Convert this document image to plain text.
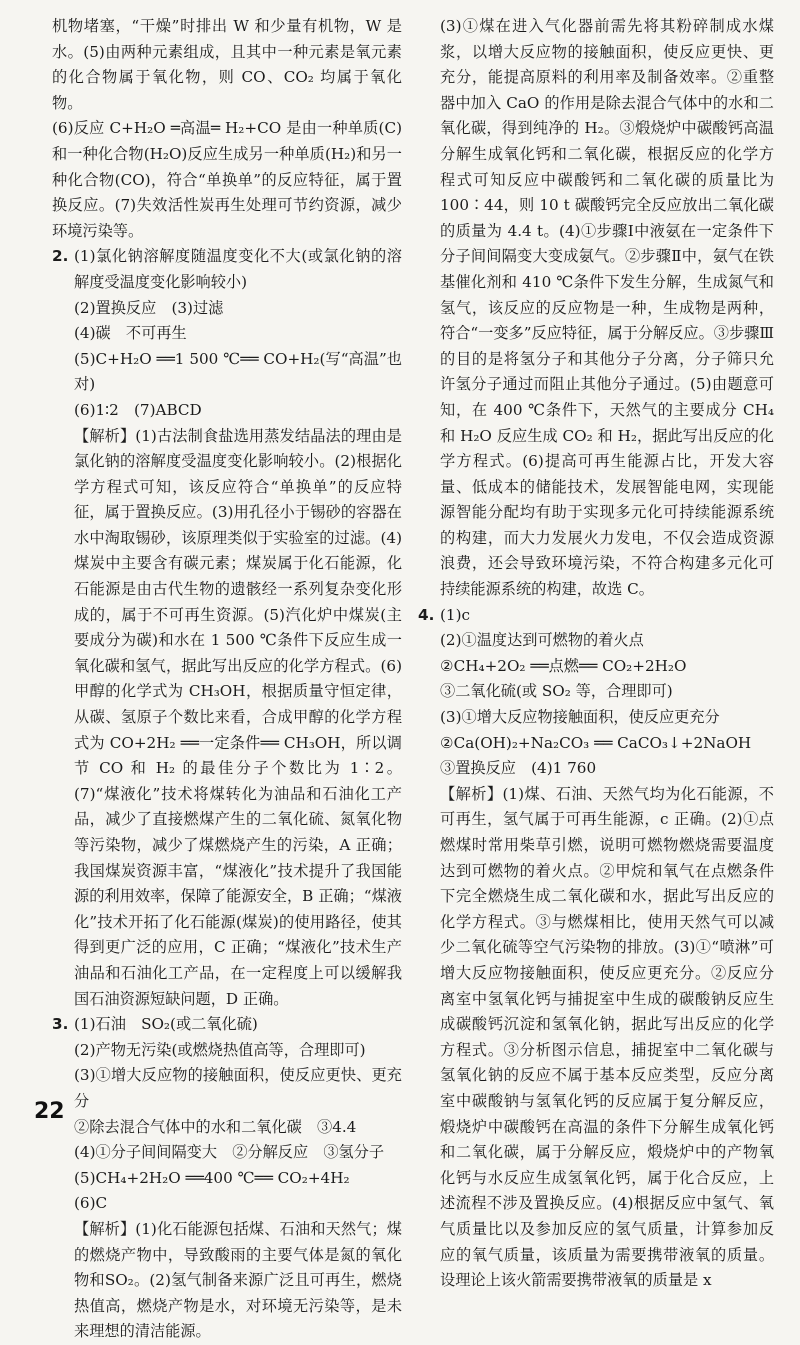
机物堵塞，“干燥”时排出 W 和少量有机物，W 是水。(5)由两种元素组成，且其中一种元素是氧元素的化合物属于氧化物，则 CO、CO₂ 均属于氧化物。

(6)反应 C+H₂O ═高温═ H₂+CO 是由一种单质(C)和一种化合物(H₂O)反应生成另一种单质(H₂)和另一种化合物(CO)，符合“单换单”的反应特征，属于置换反应。(7)失效活性炭再生处理可节约资源，减少环境污染等。

2. (1)氯化钠溶解度随温度变化不大(或氯化钠的溶解度受温度变化影响较小)

(2)置换反应　(3)过滤

(4)碳　不可再生

(5)C+H₂O ══1 500 ℃══ CO+H₂(写“高温”也对)

(6)1∶2　(7)ABCD

【解析】(1)古法制食盐选用蒸发结晶法的理由是氯化钠的溶解度受温度变化影响较小。(2)根据化学方程式可知，该反应符合“单换单”的反应特征，属于置换反应。(3)用孔径小于锡砂的容器在水中淘取锡砂，该原理类似于实验室的过滤。(4)煤炭中主要含有碳元素；煤炭属于化石能源，化石能源是由古代生物的遗骸经一系列复杂变化形成的，属于不可再生资源。(5)汽化炉中煤炭(主要成分为碳)和水在 1 500 ℃条件下反应生成一氧化碳和氢气，据此写出反应的化学方程式。(6)甲醇的化学式为 CH₃OH，根据质量守恒定律，从碳、氢原子个数比来看，合成甲醇的化学方程式为 CO+2H₂ ══一定条件══ CH₃OH，所以调节 CO 和 H₂ 的最佳分子个数比为 1∶2。(7)“煤液化”技术将煤转化为油品和石油化工产品，减少了直接燃煤产生的二氧化硫、氮氧化物等污染物，减少了煤燃烧产生的污染，A 正确；我国煤炭资源丰富，“煤液化”技术提升了我国能源的利用效率，保障了能源安全，B 正确；“煤液化”技术开拓了化石能源(煤炭)的使用路径，使其得到更广泛的应用，C 正确；“煤液化”技术生产油品和石油化工产品，在一定程度上可以缓解我国石油资源短缺问题，D 正确。

3. (1)石油　SO₂(或二氧化硫)

(2)产物无污染(或燃烧热值高等，合理即可)

(3)①增大反应物的接触面积，使反应更快、更充分

②除去混合气体中的水和二氧化碳　③4.4

(4)①分子间间隔变大　②分解反应　③氢分子

(5)CH₄+2H₂O ══400 ℃══ CO₂+4H₂

(6)C

【解析】(1)化石能源包括煤、石油和天然气；煤的燃烧产物中，导致酸雨的主要气体是氮的氧化物和SO₂。(2)氢气制备来源广泛且可再生，燃烧热值高，燃烧产物是水，对环境无污染等，是未来理想的清洁能源。

(3)①煤在进入气化器前需先将其粉碎制成水煤浆，以增大反应物的接触面积，使反应更快、更充分，能提高原料的利用率及制备效率。②重整器中加入 CaO 的作用是除去混合气体中的水和二氧化碳，得到纯净的 H₂。③煅烧炉中碳酸钙高温分解生成氧化钙和二氧化碳，根据反应的化学方程式可知反应中碳酸钙和二氧化碳的质量比为 100∶44，则 10 t 碳酸钙完全反应放出二氧化碳的质量为 4.4 t。(4)①步骤Ⅰ中液氨在一定条件下分子间间隔变大变成氨气。②步骤Ⅱ中，氨气在铁基催化剂和 410 ℃条件下发生分解，生成氮气和氢气，该反应的反应物是一种，生成物是两种，符合“一变多”反应特征，属于分解反应。③步骤Ⅲ的目的是将氢分子和其他分子分离，分子筛只允许氢分子通过而阻止其他分子通过。(5)由题意可知，在 400 ℃条件下，天然气的主要成分 CH₄ 和 H₂O 反应生成 CO₂ 和 H₂，据此写出反应的化学方程式。(6)提高可再生能源占比，开发大容量、低成本的储能技术，发展智能电网，实现能源智能分配均有助于实现多元化可持续能源系统的构建，而大力发展火力发电，不仅会造成资源浪费，还会导致环境污染，不符合构建多元化可持续能源系统的构建，故选 C。

4. (1)c

(2)①温度达到可燃物的着火点

②CH₄+2O₂ ══点燃══ CO₂+2H₂O

③二氧化硫(或 SO₂ 等，合理即可)

(3)①增大反应物接触面积，使反应更充分

②Ca(OH)₂+Na₂CO₃ ══ CaCO₃↓+2NaOH

③置换反应　(4)1 760

【解析】(1)煤、石油、天然气均为化石能源，不可再生，氢气属于可再生能源，c 正确。(2)①点燃煤时常用柴草引燃，说明可燃物燃烧需要温度达到可燃物的着火点。②甲烷和氧气在点燃条件下完全燃烧生成二氧化碳和水，据此写出反应的化学方程式。③与燃煤相比，使用天然气可以减少二氧化硫等空气污染物的排放。(3)①“喷淋”可增大反应物接触面积，使反应更充分。②反应分离室中氢氧化钙与捕捉室中生成的碳酸钠反应生成碳酸钙沉淀和氢氧化钠，据此写出反应的化学方程式。③分析图示信息，捕捉室中二氧化碳与氢氧化钠的反应不属于基本反应类型，反应分离室中碳酸钠与氢氧化钙的反应属于复分解反应，煅烧炉中碳酸钙在高温的条件下分解生成氧化钙和二氧化碳，属于分解反应，煅烧炉中的产物氧化钙与水反应生成氢氧化钙，属于化合反应，上述流程不涉及置换反应。(4)根据反应中氢气、氧气质量比以及参加反应的氢气质量，计算参加反应的氧气质量，该质量为需要携带液氧的质量。设理论上该火箭需要携带液氧的质量是 x

22
